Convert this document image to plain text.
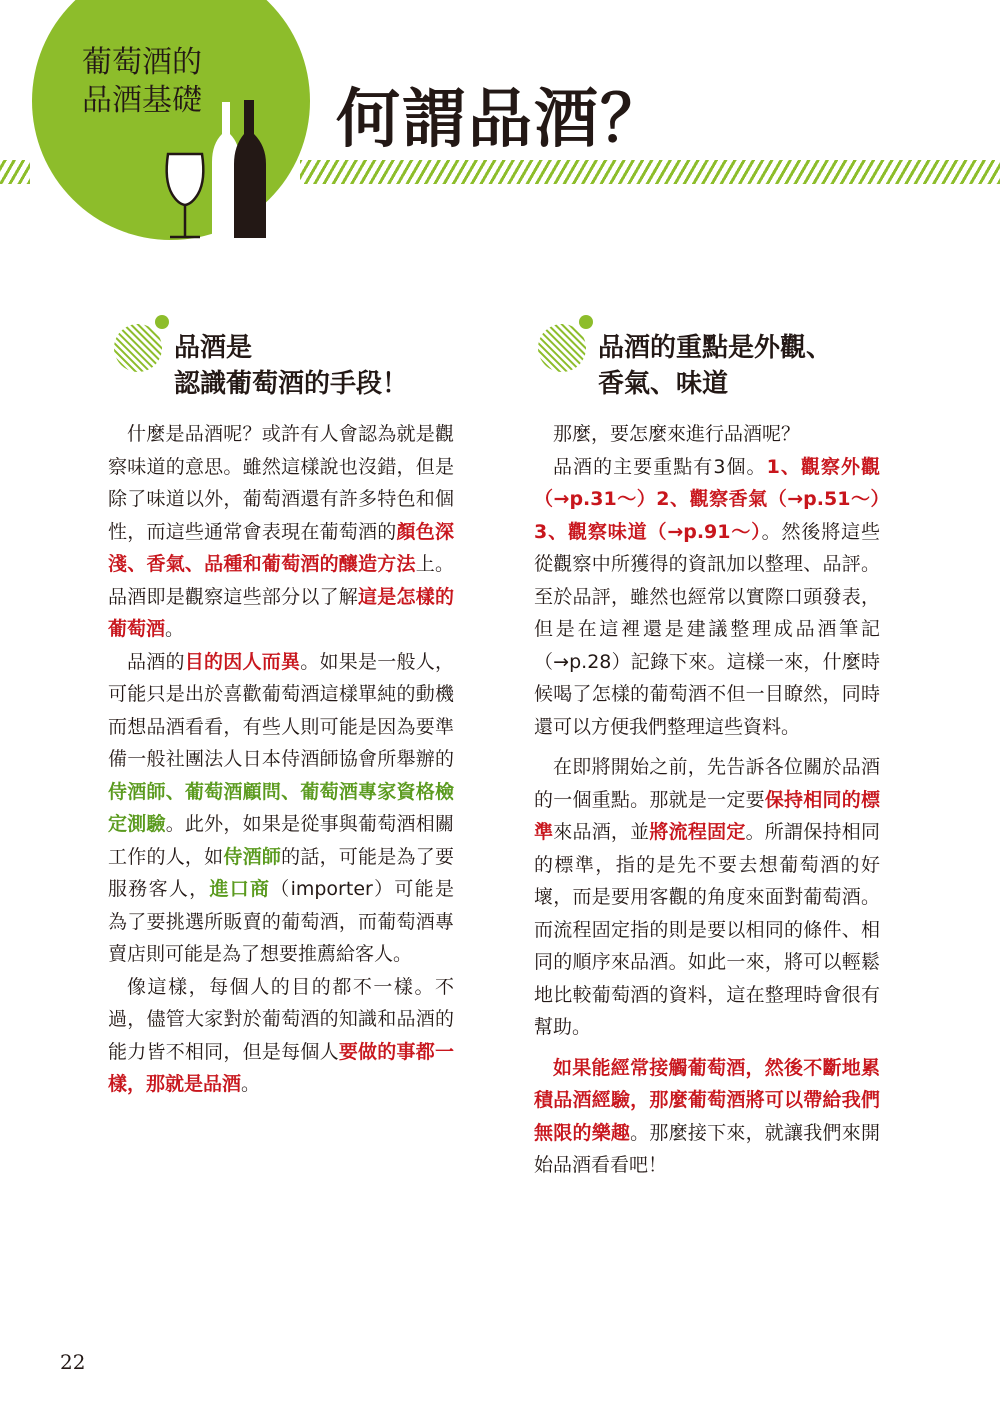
葡萄酒的
品酒基礎	何謂品酒？
品酒是
認識葡萄酒的手段！
品酒的重點是外觀、
香氣、味道

什麼是品酒呢？或許有人會認為就是觀察味道的意思。雖然這樣說也沒錯，但是除了味道以外，葡萄酒還有許多特色和個性，而這些通常會表現在葡萄酒的顏色深淺、香氣、品種和葡萄酒的釀造方法上。品酒即是觀察這些部分以了解這是怎樣的葡萄酒。

品酒的目的因人而異。如果是一般人，可能只是出於喜歡葡萄酒這樣單純的動機而想品酒看看，有些人則可能是因為要準備一般社團法人日本侍酒師協會所舉辦的侍酒師、葡萄酒顧問、葡萄酒專家資格檢定測驗。此外，如果是從事與葡萄酒相關工作的人，如侍酒師的話，可能是為了要服務客人，進口商（importer）可能是為了要挑選所販賣的葡萄酒，而葡萄酒專賣店則可能是為了想要推薦給客人。

像這樣，每個人的目的都不一樣。不過，儘管大家對於葡萄酒的知識和品酒的能力皆不相同，但是每個人要做的事都一樣，那就是品酒。

那麼，要怎麼來進行品酒呢？

品酒的主要重點有3個。1、觀察外觀（→p.31〜）2、觀察香氣（→p.51〜）3、觀察味道（→p.91〜）。然後將這些從觀察中所獲得的資訊加以整理、品評。至於品評，雖然也經常以實際口頭發表，但是在這裡還是建議整理成品酒筆記（→p.28）記錄下來。這樣一來，什麼時候喝了怎樣的葡萄酒不但一目瞭然，同時還可以方便我們整理這些資料。

在即將開始之前，先告訴各位關於品酒的一個重點。那就是一定要保持相同的標準來品酒，並將流程固定。所謂保持相同的標準，指的是先不要去想葡萄酒的好壞，而是要用客觀的角度來面對葡萄酒。而流程固定指的則是要以相同的條件、相同的順序來品酒。如此一來，將可以輕鬆地比較葡萄酒的資料，這在整理時會很有幫助。

如果能經常接觸葡萄酒，然後不斷地累積品酒經驗，那麼葡萄酒將可以帶給我們無限的樂趣。那麼接下來，就讓我們來開始品酒看看吧！

22
